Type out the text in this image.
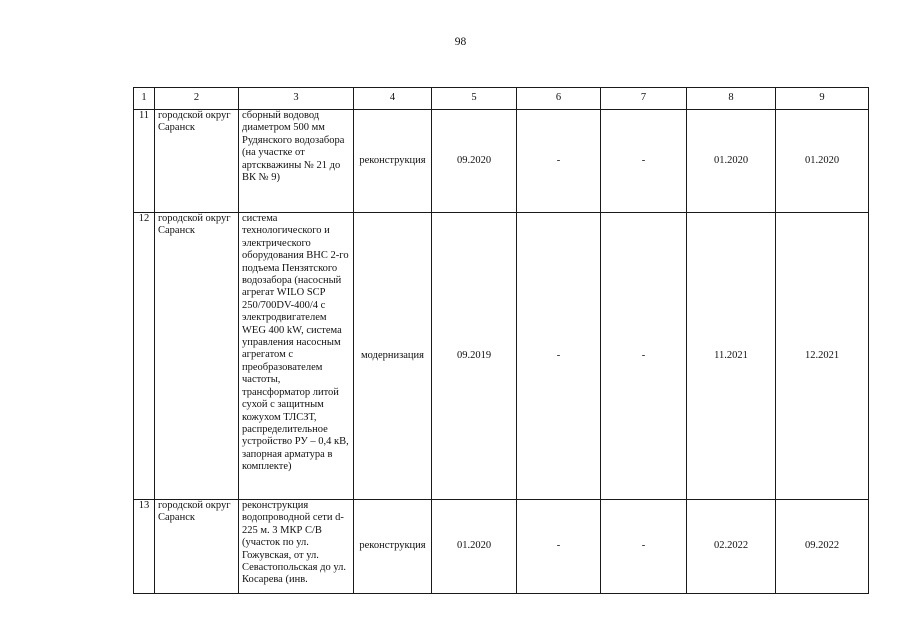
98
1	2	3	4	5	6	7	8	9
11	городской округ Саранск	сборный водовод диаметром 500 мм Рудянского водозабора (на участке от артскважины № 21 до ВК № 9)	реконструкция	09.2020	-	-	01.2020	01.2020
12	городской округ Саранск	система технологического и электрического оборудования ВНС 2-го подъема Пензятского водозабора (насосный агрегат WILO SCP 250/700DV-400/4 с электродвигателем WEG 400 kW, система управления насосным агрегатом с преобразователем частоты, трансформатор литой сухой с защитным кожухом ТЛСЗТ, распределительное устройство РУ – 0,4 кВ, запорная арматура в комплекте)	модернизация	09.2019	-	-	11.2021	12.2021
13	городской округ Саранск	реконструкция водопроводной сети d-225 м. 3 МКР С/В (участок по ул. Гожувская, от ул. Севастопольская до ул. Косарева (инв.	реконструкция	01.2020	-	-	02.2022	09.2022
